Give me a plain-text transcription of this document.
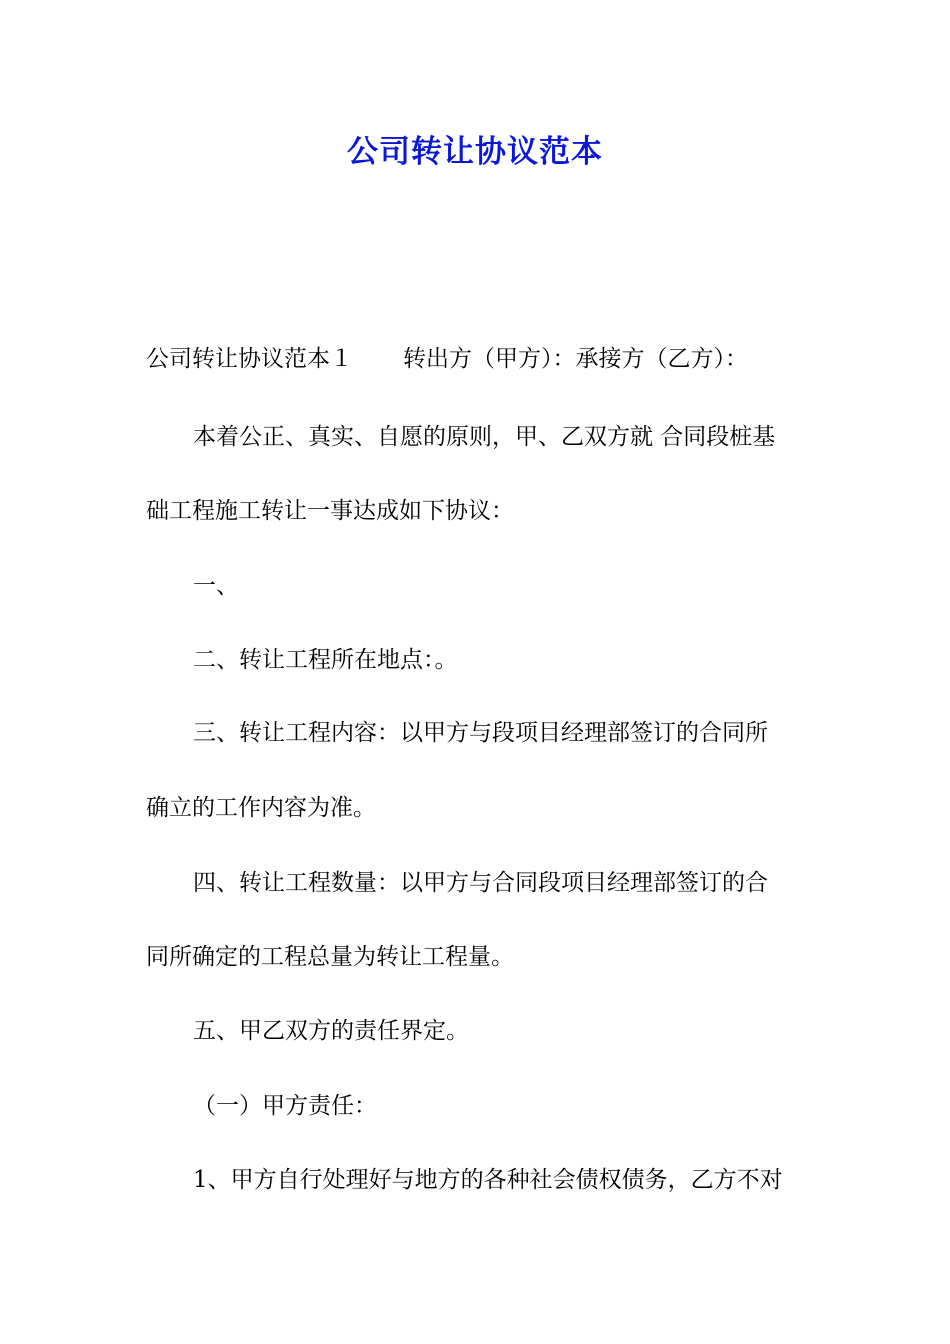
公司转让协议范本

公司转让协议范本１ 转出方（甲方）：承接方（乙方）：

本着公正、真实、自愿的原则，甲、乙双方就 合同段桩基

础工程施工转让一事达成如下协议：

一、

二、转让工程所在地点：。

三、转让工程内容：以甲方与段项目经理部签订的合同所

确立的工作内容为准。

四、转让工程数量：以甲方与合同段项目经理部签订的合

同所确定的工程总量为转让工程量。

五、甲乙双方的责任界定。

（一）甲方责任：

1、甲方自行处理好与地方的各种社会债权债务，乙方不对
